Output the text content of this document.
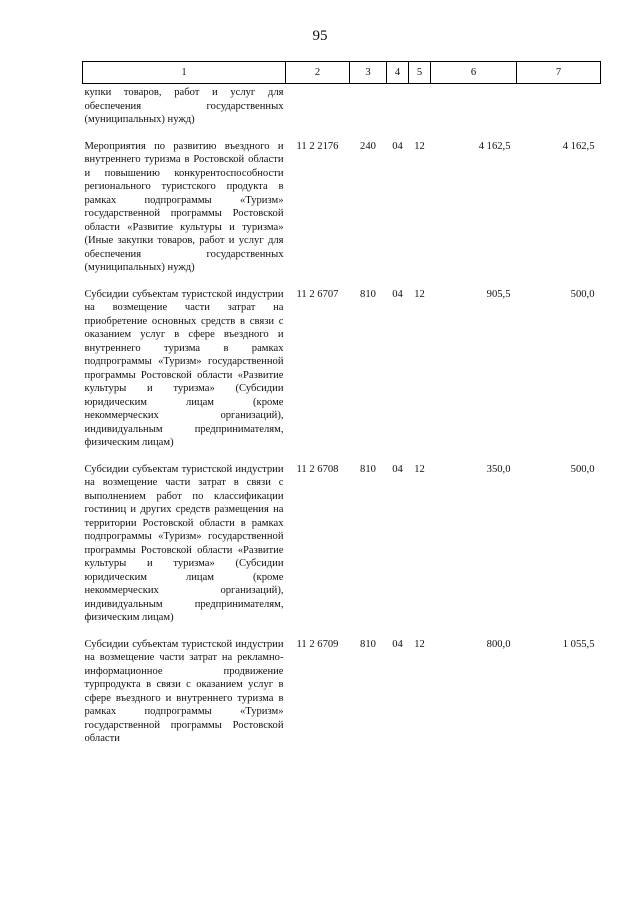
95
1	2	3	4	5	6	7
купки товаров, работ и услуг для обеспечения государственных (муниципальных) нужд)						
Мероприятия по развитию въездного и внутреннего туризма в Ростовской области и повышению конкурентоспособности регионального туристского продукта в рамках подпрограммы «Туризм» государственной программы Ростовской области «Развитие культуры и туризма» (Иные закупки товаров, работ и услуг для обеспечения государственных (муниципальных) нужд)	11 2 2176	240	04	12	4 162,5	4 162,5
Субсидии субъектам туристской индустрии на возмещение части затрат на приобретение основных средств в связи с оказанием услуг в сфере въездного и внутреннего туризма в рамках подпрограммы «Туризм» государственной программы Ростовской области «Развитие культуры и туризма» (Субсидии юридическим лицам (кроме некоммерческих организаций), индивидуальным предпринимателям, физическим лицам)	11 2 6707	810	04	12	905,5	500,0
Субсидии субъектам туристской индустрии на возмещение части затрат в связи с выполнением работ по классификации гостиниц и других средств размещения на территории Ростовской области в рамках подпрограммы «Туризм» государственной программы Ростовской области «Развитие культуры и туризма» (Субсидии юридическим лицам (кроме некоммерческих организаций), индивидуальным предпринимателям, физическим лицам)	11 2 6708	810	04	12	350,0	500,0
Субсидии субъектам туристской индустрии на возмещение части затрат на рекламно-информационное продвижение турпродукта в связи с оказанием услуг в сфере въездного и внутреннего туризма в рамках подпрограммы «Туризм» государственной программы Ростовской области	11 2 6709	810	04	12	800,0	1 055,5
